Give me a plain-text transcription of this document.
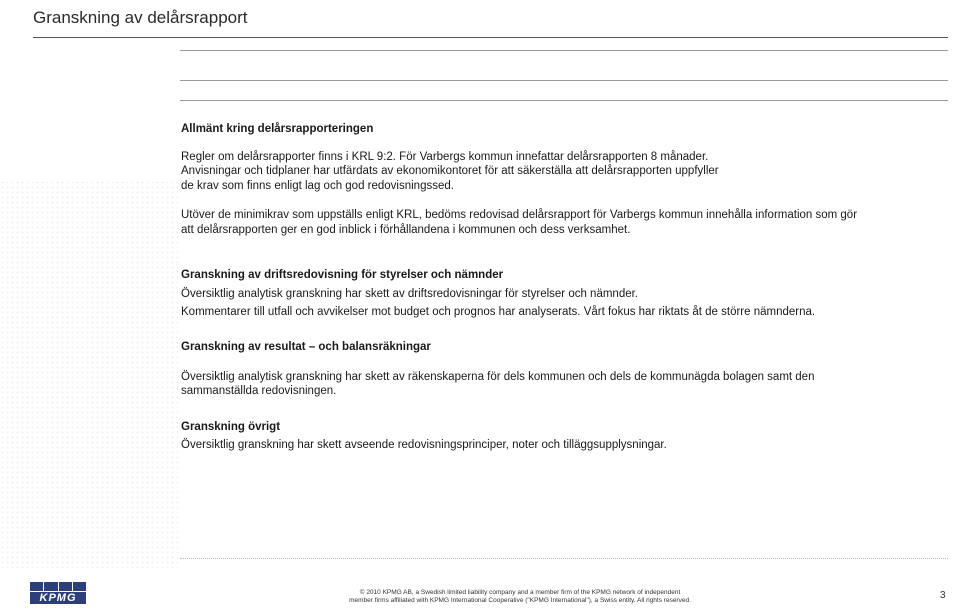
Granskning av delårsrapport
Allmänt kring delårsrapporteringen

Regler om delårsrapporter finns i KRL 9:2. För Varbergs kommun innefattar delårsrapporten 8 månader.

Anvisningar och tidplaner har utfärdats av ekonomikontoret för att säkerställa att delårsrapporten uppfyller

de krav som finns enligt lag och god redovisningssed.

Utöver de minimikrav som uppställs enligt KRL, bedöms redovisad delårsrapport för Varbergs kommun innehålla information som gör

att delårsrapporten ger en god inblick i förhållandena i kommunen och dess verksamhet.

Granskning av driftsredovisning för styrelser och nämnder

Översiktlig analytisk granskning har skett av driftsredovisningar för styrelser och nämnder.

Kommentarer till utfall och avvikelser mot budget och prognos har analyserats. Vårt fokus har riktats åt de större nämnderna.

Granskning av resultat – och balansräkningar

Översiktlig analytisk granskning har skett av räkenskaperna för dels kommunen och dels de kommunägda bolagen samt den

sammanställda redovisningen.

Granskning övrigt

Översiktlig granskning har skett avseende redovisningsprinciper, noter och tilläggsupplysningar.

KPMG	© 2010 KPMG AB, a Swedish limited liability company and a member firm of the KPMG network of independent
member firms affiliated with KPMG International Cooperative ("KPMG International"), a Swiss entity. All rights reserved.	3
